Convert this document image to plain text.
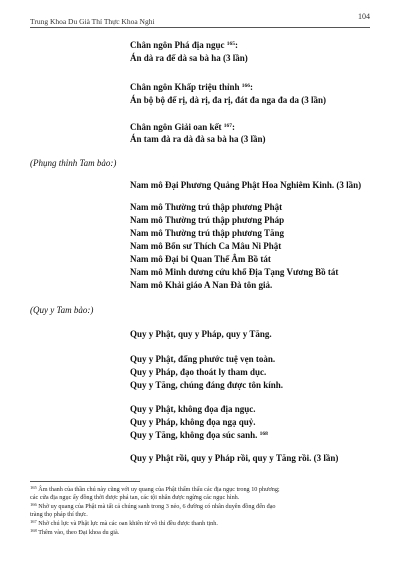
Trung Khoa Du Già Thí Thực Khoa Nghi
104
Chân ngôn Phá địa ngục $^{165}$:
Án dà ra đế dà sa bà ha (3 lần)
Chân ngôn Khấp triệu thỉnh $^{166}$:
Án bộ bộ đế rị, dà rị, đa rị, đát đa nga đa da (3 lần)
Chân ngôn Giải oan kết $^{167}$:
Án tam đà ra dà đà sa bà ha (3 lần)
(Phụng thỉnh Tam bảo:)
Nam mô Đại Phương Quảng Phật Hoa Nghiêm Kinh. (3 lần)
Nam mô Thường trú thập phương Phật
Nam mô Thường trú thập phương Pháp
Nam mô Thường trú thập phương Tăng
Nam mô Bổn sư Thích Ca Mâu Ni Phật
Nam mô Đại bi Quan Thế Âm Bồ tát
Nam mô Minh dương cứu khổ Địa Tạng Vương Bồ tát
Nam mô Khải giáo A Nan Đà tôn giả.
(Quy y Tam bảo:)
Quy y Phật, quy y Pháp, quy y Tăng.
Quy y Phật, đấng phước tuệ vẹn toàn.
Quy y Pháp, đạo thoát ly tham dục.
Quy y Tăng, chúng đáng được tôn kính.
Quy y Phật, không đọa địa ngục.
Quy y Pháp, không đọa ngạ quỷ.
Quy y Tăng, không đọa súc sanh. $^{168}$
Quy y Phật rồi, quy y Pháp rồi, quy y Tăng rồi. (3 lần)
$^{165}$ Âm thanh của thần chú này cũng với uy quang của Phật thấm thấu các địa ngục trong 10 phương;
các cửa địa ngục ấy đồng thời được phá tan, các tội nhân được ngừng các ngục hình.
$^{166}$ Nhờ uy quang của Phật mà tất cả chúng sanh trong 3 nẻo, 6 đường có nhân duyên đồng đến đạo
tràng thọ pháp thí thực.
$^{167}$ Nhờ chú lực và Phật lực mà các oan khiên từ vô thỉ đều được thanh tịnh.
$^{168}$ Thêm vào, theo Đại khoa du già.
